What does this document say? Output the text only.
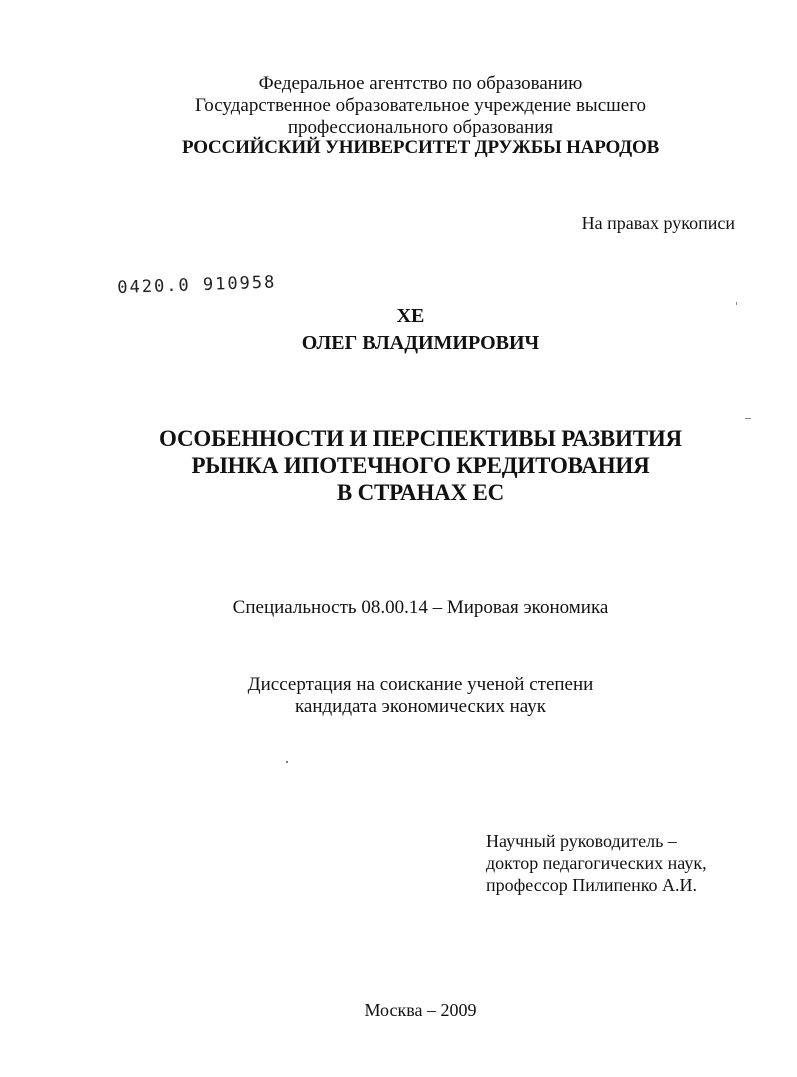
Федеральное агентство по образованию
Государственное образовательное учреждение высшего
профессионального образования
РОССИЙСКИЙ УНИВЕРСИТЕТ ДРУЖБЫ НАРОДОВ
На правах рукописи
0420.0 910958
ХЕ
ОЛЕГ ВЛАДИМИРОВИЧ
ОСОБЕННОСТИ И ПЕРСПЕКТИВЫ РАЗВИТИЯ
РЫНКА ИПОТЕЧНОГО КРЕДИТОВАНИЯ
В СТРАНАХ ЕС
Специальность 08.00.14 – Мировая экономика
Диссертация на соискание ученой степени
кандидата экономических наук
Научный руководитель –
доктор педагогических наук,
профессор Пилипенко А.И.
Москва – 2009
